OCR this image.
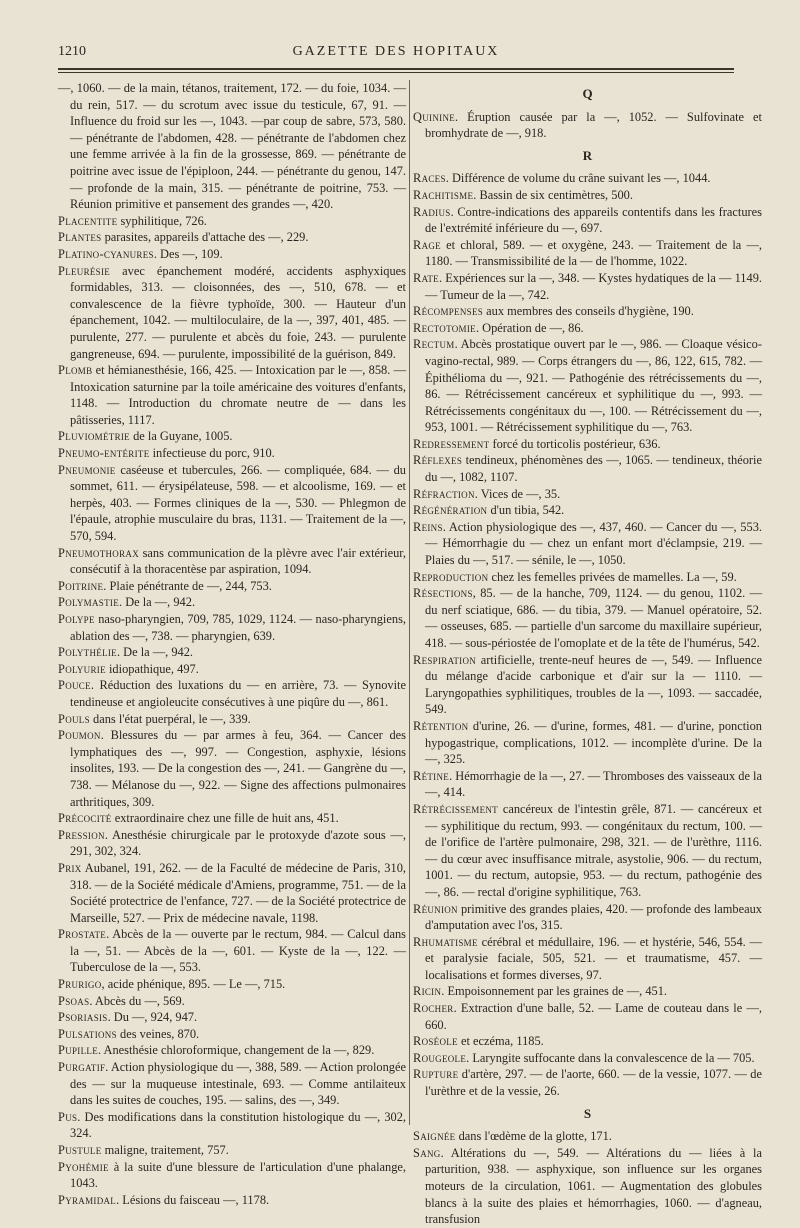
1210	GAZETTE DES HOPITAUX

—, 1060. — de la main, tétanos, traitement, 172. — du foie, 1034. — du rein, 517. — du scrotum avec issue du testicule, 67, 91. — Influence du froid sur les —, 1043. —par coup de sabre, 573, 580. — pénétrante de l'abdomen, 428. — pénétrante de l'abdomen chez une femme arrivée à la fin de la grossesse, 869. — pénétrante de poitrine avec issue de l'épiploon, 244. — pénétrante du genou, 147. — profonde de la main, 315. — pénétrante de poitrine, 753. — Réunion primitive et pansement des grandes —, 420.

Placentite syphilitique, 726.

Plantes parasites, appareils d'attache des —, 229.

Platino-cyanures. Des —, 109.

Pleurésie avec épanchement modéré, accidents asphyxiques formidables, 313. — cloisonnées, des —, 510, 678. — et convalescence de la fièvre typhoïde, 300. — Hauteur d'un épanchement, 1042. — multiloculaire, de la —, 397, 401, 485. — purulente, 277. — purulente et abcès du foie, 243. — purulente gangreneuse, 694. — purulente, impossibilité de la guérison, 849.

Plomb et hémianesthésie, 166, 425. — Intoxication par le —, 858. — Intoxication saturnine par la toile américaine des voitures d'enfants, 1148. — Introduction du chromate neutre de — dans les pâtisseries, 1117.

Pluviométrie de la Guyane, 1005.

Pneumo-entérite infectieuse du porc, 910.

Pneumonie caséeuse et tubercules, 266. — compliquée, 684. — du sommet, 611. — érysipélateuse, 598. — et alcoolisme, 169. — et herpès, 403. — Formes cliniques de la —, 530. — Phlegmon de l'épaule, atrophie musculaire du bras, 1131. — Traitement de la —, 570, 594.

Pneumothorax sans communication de la plèvre avec l'air extérieur, consécutif à la thoracentèse par aspiration, 1094.

Poitrine. Plaie pénétrante de —, 244, 753.

Polymastie. De la —, 942.

Polype naso-pharyngien, 709, 785, 1029, 1124. — naso-pharyngiens, ablation des —, 738. — pharyngien, 639.

Polythélie. De la —, 942.

Polyurie idiopathique, 497.

Pouce. Réduction des luxations du — en arrière, 73. — Synovite tendineuse et angioleucite consécutives à une piqûre du —, 861.

Pouls dans l'état puerpéral, le —, 339.

Poumon. Blessures du — par armes à feu, 364. — Cancer des lymphatiques des —, 997. — Congestion, asphyxie, lésions insolites, 193. — De la congestion des —, 241. — Gangrène du —, 738. — Mélanose du —, 922. — Signe des affections pulmonaires arthritiques, 309.

Précocité extraordinaire chez une fille de huit ans, 451.

Pression. Anesthésie chirurgicale par le protoxyde d'azote sous —, 291, 302, 324.

Prix Aubanel, 191, 262. — de la Faculté de médecine de Paris, 310, 318. — de la Société médicale d'Amiens, programme, 751. — de la Société protectrice de l'enfance, 727. — de la Société protectrice de Marseille, 527. — Prix de médecine navale, 1198.

Prostate. Abcès de la — ouverte par le rectum, 984. — Calcul dans la —, 51. — Abcès de la —, 601. — Kyste de la —, 122. — Tuberculose de la —, 553.

Prurigo, acide phénique, 895. — Le —, 715.

Psoas. Abcès du —, 569.

Psoriasis. Du —, 924, 947.

Pulsations des veines, 870.

Pupille. Anesthésie chloroformique, changement de la —, 829.

Purgatif. Action physiologique du —, 388, 589. — Action prolongée des — sur la muqueuse intestinale, 693. — Comme antilaiteux dans les suites de couches, 195. — salins, des —, 349.

Pus. Des modifications dans la constitution histologique du —, 302, 324.

Pustule maligne, traitement, 757.

Pyohémie à la suite d'une blessure de l'articulation d'une phalange, 1043.

Pyramidal. Lésions du faisceau —, 1178.

Q

Quinine. Éruption causée par la —, 1052. — Sulfovinate et bromhydrate de —, 918.

R

Races. Différence de volume du crâne suivant les —, 1044.

Rachitisme. Bassin de six centimètres, 500.

Radius. Contre-indications des appareils contentifs dans les fractures de l'extrémité inférieure du —, 697.

Rage et chloral, 589. — et oxygène, 243. — Traitement de la —, 1180. — Transmissibilité de la — de l'homme, 1022.

Rate. Expériences sur la —, 348. — Kystes hydatiques de la — 1149. — Tumeur de la —, 742.

Récompenses aux membres des conseils d'hygiène, 190.

Rectotomie. Opération de —, 86.

Rectum. Abcès prostatique ouvert par le —, 986. — Cloaque vésico-vagino-rectal, 989. — Corps étrangers du —, 86, 122, 615, 782. — Épithélioma du —, 921. — Pathogénie des rétrécissements du —, 86. — Rétrécissement cancéreux et syphilitique du —, 993. — Rétrécissements congénitaux du —, 100. — Rétrécissement du —, 953, 1001. — Rétrécissement syphilitique du —, 763.

Redressement forcé du torticolis postérieur, 636.

Réflexes tendineux, phénomènes des —, 1065. — tendineux, théorie du —, 1082, 1107.

Réfraction. Vices de —, 35.

Régénération d'un tibia, 542.

Reins. Action physiologique des —, 437, 460. — Cancer du —, 553. — Hémorrhagie du — chez un enfant mort d'éclampsie, 219. — Plaies du —, 517. — sénile, le —, 1050.

Reproduction chez les femelles privées de mamelles. La —, 59.

Résections, 85. — de la hanche, 709, 1124. — du genou, 1102. — du nerf sciatique, 686. — du tibia, 379. — Manuel opératoire, 52. — osseuses, 685. — partielle d'un sarcome du maxillaire supérieur, 418. — sous-périostée de l'omoplate et de la tête de l'humérus, 542.

Respiration artificielle, trente-neuf heures de —, 549. — Influence du mélange d'acide carbonique et d'air sur la — 1110. — Laryngopathies syphilitiques, troubles de la —, 1093. — saccadée, 549.

Rétention d'urine, 26. — d'urine, formes, 481. — d'urine, ponction hypogastrique, complications, 1012. — incomplète d'urine. De la —, 325.

Rétine. Hémorrhagie de la —, 27. — Thromboses des vaisseaux de la —, 414.

Rétrécissement cancéreux de l'intestin grêle, 871. — cancéreux et — syphilitique du rectum, 993. — congénitaux du rectum, 100. — de l'orifice de l'artère pulmonaire, 298, 321. — de l'urèthre, 1116. — du cœur avec insuffisance mitrale, asystolie, 906. — du rectum, 1001. — du rectum, autopsie, 953. — du rectum, pathogénie des —, 86. — rectal d'origine syphilitique, 763.

Réunion primitive des grandes plaies, 420. — profonde des lambeaux d'amputation avec l'os, 315.

Rhumatisme cérébral et médullaire, 196. — et hystérie, 546, 554. — et paralysie faciale, 505, 521. — et traumatisme, 457. — localisations et formes diverses, 97.

Ricin. Empoisonnement par les graines de —, 451.

Rocher. Extraction d'une balle, 52. — Lame de couteau dans le —, 660.

Roséole et eczéma, 1185.

Rougeole. Laryngite suffocante dans la convalescence de la — 705.

Rupture d'artère, 297. — de l'aorte, 660. — de la vessie, 1077. — de l'urèthre et de la vessie, 26.

S

Saignée dans l'œdème de la glotte, 171.

Sang. Altérations du —, 549. — Altérations du — liées à la parturition, 938. — asphyxique, son influence sur les organes moteurs de la circulation, 1061. — Augmentation des globules blancs à la suite des plaies et hémorrhagies, 1060. — d'agneau, transfusion
